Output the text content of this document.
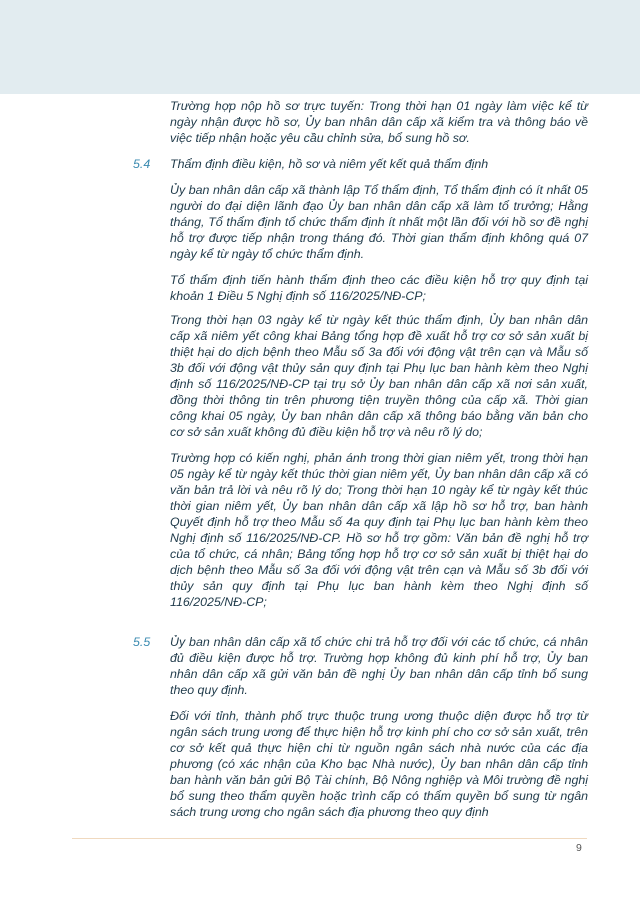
Trường hợp nộp hồ sơ trực tuyến: Trong thời hạn 01 ngày làm việc kể từ ngày nhận được hồ sơ, Ủy ban nhân dân cấp xã kiểm tra và thông báo về việc tiếp nhận hoặc yêu cầu chỉnh sửa, bổ sung hồ sơ.

5.4 Thẩm định điều kiện, hồ sơ và niêm yết kết quả thẩm định

Ủy ban nhân dân cấp xã thành lập Tổ thẩm định, Tổ thẩm định có ít nhất 05 người do đại diện lãnh đạo Ủy ban nhân dân cấp xã làm tổ trưởng; Hằng tháng, Tổ thẩm định tổ chức thẩm định ít nhất một lần đối với hồ sơ đề nghị hỗ trợ được tiếp nhận trong tháng đó. Thời gian thẩm định không quá 07 ngày kể từ ngày tổ chức thẩm định.

Tổ thẩm định tiến hành thẩm định theo các điều kiện hỗ trợ quy định tại khoản 1 Điều 5 Nghị định số 116/2025/NĐ-CP;

Trong thời hạn 03 ngày kể từ ngày kết thúc thẩm định, Ủy ban nhân dân cấp xã niêm yết công khai Bảng tổng hợp đề xuất hỗ trợ cơ sở sản xuất bị thiệt hại do dịch bệnh theo Mẫu số 3a đối với động vật trên cạn và Mẫu số 3b đối với động vật thủy sản quy định tại Phụ lục ban hành kèm theo Nghị định số 116/2025/NĐ-CP tại trụ sở Ủy ban nhân dân cấp xã nơi sản xuất, đồng thời thông tin trên phương tiện truyền thông của cấp xã. Thời gian công khai 05 ngày, Ủy ban nhân dân cấp xã thông báo bằng văn bản cho cơ sở sản xuất không đủ điều kiện hỗ trợ và nêu rõ lý do;

Trường hợp có kiến nghị, phản ánh trong thời gian niêm yết, trong thời hạn 05 ngày kể từ ngày kết thúc thời gian niêm yết, Ủy ban nhân dân cấp xã có văn bản trả lời và nêu rõ lý do; Trong thời hạn 10 ngày kể từ ngày kết thúc thời gian niêm yết, Ủy ban nhân dân cấp xã lập hồ sơ hỗ trợ, ban hành Quyết định hỗ trợ theo Mẫu số 4a quy định tại Phụ lục ban hành kèm theo Nghị định số 116/2025/NĐ-CP. Hồ sơ hỗ trợ gồm: Văn bản đề nghị hỗ trợ của tổ chức, cá nhân; Bảng tổng hợp hỗ trợ cơ sở sản xuất bị thiệt hại do dịch bệnh theo Mẫu số 3a đối với động vật trên cạn và Mẫu số 3b đối với thủy sản quy định tại Phụ lục ban hành kèm theo Nghị định số 116/2025/NĐ-CP;

5.5 Ủy ban nhân dân cấp xã tổ chức chi trả hỗ trợ đối với các tổ chức, cá nhân đủ điều kiện được hỗ trợ. Trường hợp không đủ kinh phí hỗ trợ, Ủy ban nhân dân cấp xã gửi văn bản đề nghị Ủy ban nhân dân cấp tỉnh bổ sung theo quy định.

Đối với tỉnh, thành phố trực thuộc trung ương thuộc diện được hỗ trợ từ ngân sách trung ương để thực hiện hỗ trợ kinh phí cho cơ sở sản xuất, trên cơ sở kết quả thực hiện chi từ nguồn ngân sách nhà nước của các địa phương (có xác nhận của Kho bạc Nhà nước), Ủy ban nhân dân cấp tỉnh ban hành văn bản gửi Bộ Tài chính, Bộ Nông nghiệp và Môi trường đề nghị bổ sung theo thẩm quyền hoặc trình cấp có thẩm quyền bổ sung từ ngân sách trung ương cho ngân sách địa phương theo quy định

9
